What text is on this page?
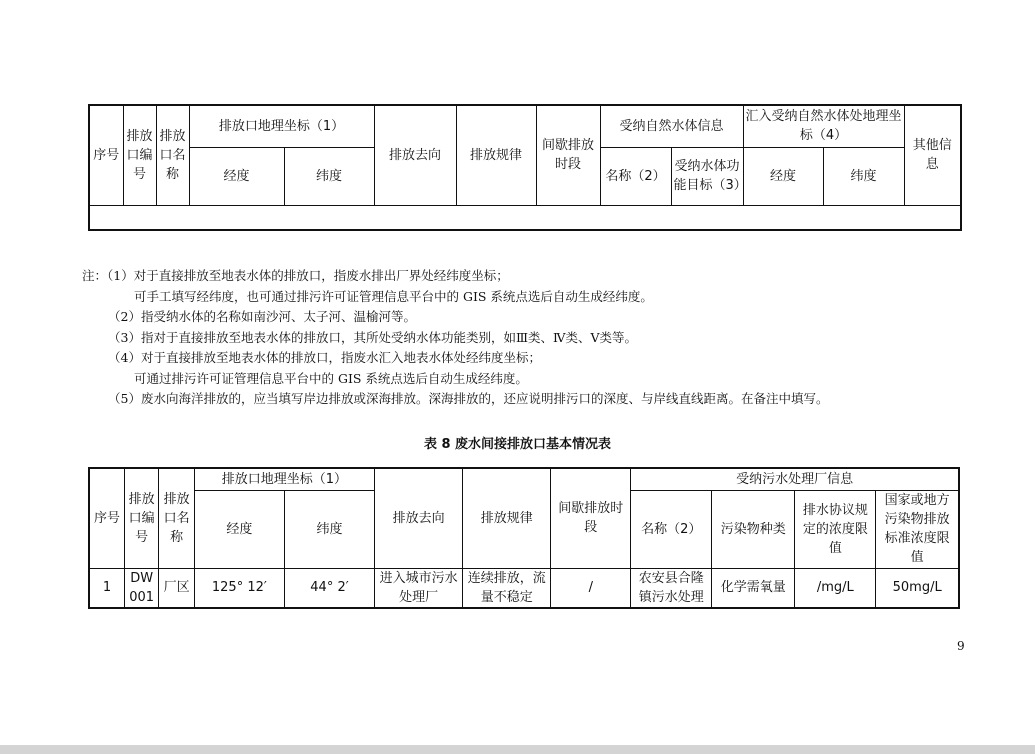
序号	排放口编号	排放口名称	排放口地理坐标（1）		排放去向	排放规律	间歇排放时段	受纳自然水体信息		汇入受纳自然水体处地理坐标（4）		其他信息
			经度	纬度				名称（2）	受纳水体功能目标（3）	经度	纬度	

注：（1）对于直接排放至地表水体的排放口，指废水排出厂界处经纬度坐标；
可手工填写经纬度，也可通过排污许可证管理信息平台中的 GIS 系统点选后自动生成经纬度。
（2）指受纳水体的名称如南沙河、太子河、温榆河等。
（3）指对于直接排放至地表水体的排放口，其所处受纳水体功能类别，如Ⅲ类、Ⅳ类、Ⅴ类等。
（4）对于直接排放至地表水体的排放口，指废水汇入地表水体处经纬度坐标；
可通过排污许可证管理信息平台中的 GIS 系统点选后自动生成经纬度。
（5）废水向海洋排放的，应当填写岸边排放或深海排放。深海排放的，还应说明排污口的深度、与岸线直线距离。在备注中填写。
表 8 废水间接排放口基本情况表
序号	排放口编号	排放口名称	排放口地理坐标（1）		排放去向	排放规律	间歇排放时段	受纳污水处理厂信息			
			经度	纬度				名称（2）	污染物种类	排水协议规定的浓度限值	国家或地方污染物排放标准浓度限值
1	DW001	厂区	125° 12′	44° 2′	进入城市污水处理厂	连续排放，流量不稳定	/	农安县合隆镇污水处理	化学需氧量	/mg/L	50mg/L
9
